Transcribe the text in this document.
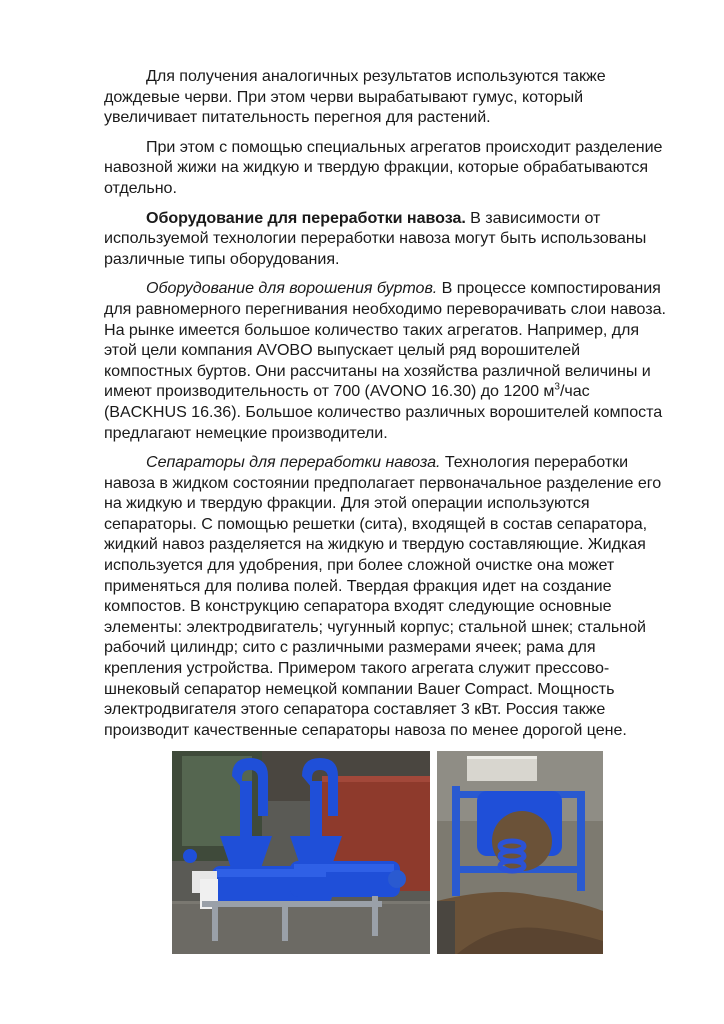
Для получения аналогичных результатов используются также дождевые черви. При этом черви вырабатывают гумус, который увеличивает питательность перегноя для растений.

При этом с помощью специальных агрегатов происходит разделение навозной жижи на жидкую и твердую фракции, которые обрабатываются отдельно.

Оборудование для переработки навоза. В зависимости от используемой технологии переработки навоза могут быть использованы различные типы оборудования.

Оборудование для ворошения буртов. В процессе компостирования для равномерного перегнивания необходимо переворачивать слои навоза. На рынке имеется большое количество таких агрегатов. Например, для этой цели компания AVOBO выпускает целый ряд ворошителей компостных буртов. Они рассчитаны на хозяйства различной величины и имеют производительность от 700 (AVONO 16.30) до 1200 $м^3$/час (BACKHUS 16.36). Большое количество различных ворошителей компоста предлагают немецкие производители.

Сепараторы для переработки навоза. Технология переработки навоза в жидком состоянии предполагает первоначальное разделение его на жидкую и твердую фракции. Для этой операции используются сепараторы. С помощью решетки (сита), входящей в состав сепаратора, жидкий навоз разделяется на жидкую и твердую составляющие. Жидкая используется для удобрения, при более сложной очистке она может применяться для полива полей. Твердая фракция идет на создание компостов. В конструкцию сепаратора входят следующие основные элементы: электродвигатель; чугунный корпус; стальной шнек; стальной рабочий цилиндр; сито с различными размерами ячеек; рама для крепления устройства. Примером такого агрегата служит прессово-шнековый сепаратор немецкой компании Bauer Compact. Мощность электродвигателя этого сепаратора составляет 3 кВт. Россия также производит качественные сепараторы навоза по менее дорогой цене.
